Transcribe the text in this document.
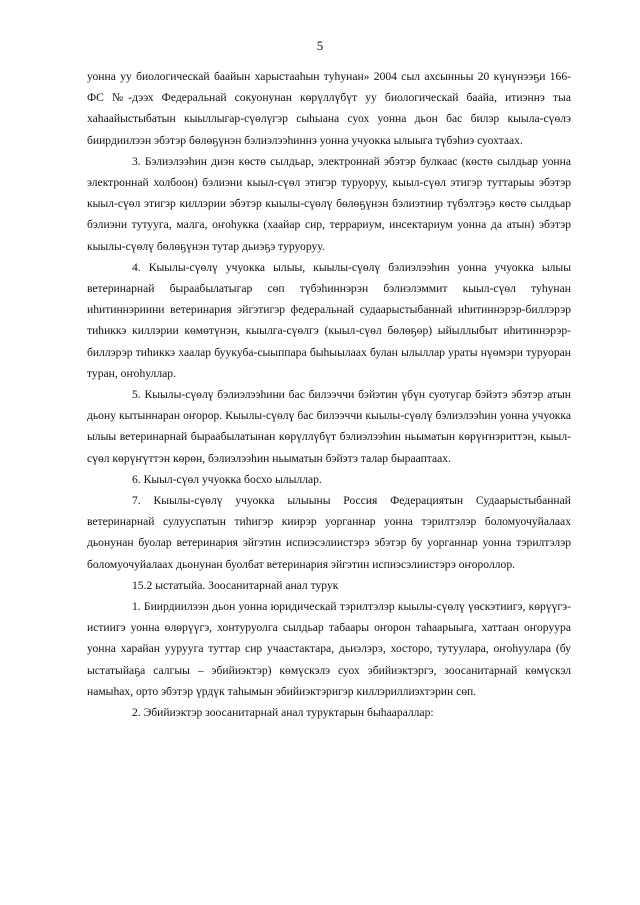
5

уонна уу биологическай баайын харыстааһын туһунан» 2004 сыл ахсынньы 20 күнүнээҕи 166-ФС №-дээх Федеральнай сокуонунан көрүллүбүт уу биологическай баайа, итиэннэ тыа хаһаайыстыбатын кыыллыгар-сүөлүгэр сыһыана суох уонна дьон бас билэр кыыла-сүөлэ биирдиилээн эбэтэр бөлөҕүнэн бэлиэлээһиннэ уонна учуокка ылыыга түбэһиэ суохтаах.

3. Бэлиэлээһин диэн көстө сылдьар, электроннай эбэтэр булкаас (көстө сылдьар уонна электроннай холбоон) бэлиэни кыыл-сүөл этигэр туруоруу, кыыл-сүөл этигэр туттарыы эбэтэр кыыл-сүөл этигэр киллэрии эбэтэр кыылы-сүөлү бөлөҕүнэн бэлиэтиир түбэлтэҕэ көстө сылдьар бэлиэни тутууга, малга, оҥоһукка (хаайар сир, террариум, инсектариум уонна да атын) эбэтэр кыылы-сүөлү бөлөҕүнэн тутар дьиэҕэ туруоруу.

4. Кыылы-сүөлү учуокка ылыы, кыылы-сүөлү бэлиэлээһин уонна учуокка ылыы ветеринарнай быраабылатыгар сөп түбэһиннэрэн бэлиэлэммит кыыл-сүөл туһунан иһитиннэриини ветеринария эйгэтигэр федеральнай судаарыстыбаннай иһитиннэрэр-биллэрэр тиһиккэ киллэрии көмөтүнэн, кыылга-сүөлгэ (кыыл-сүөл бөлөҕөр) ыйыллыбыт иһитиннэрэр-биллэрэр тиһиккэ хаалар буукуба-сыыппара быһыылаах булан ылыллар ураты нүөмэри туруоран туран, оҥоһуллар.

5. Кыылы-сүөлү бэлиэлээһини бас билээччи бэйэтин үбүн суотугар бэйэтэ эбэтэр атын дьону кытыннаран оҥорор. Кыылы-сүөлү бас билээччи кыылы-сүөлү бэлиэлээһин уонна учуокка ылыы ветеринарнай быраабылатынан көрүллүбүт бэлиэлээһин ньыматын көрүҥнэриттэн, кыыл-сүөл көрүҥүттэн көрөн, бэлиэлээһин ньыматын бэйэтэ талар бырааптаах.

6. Кыыл-сүөл учуокка босхо ылыллар.

7. Кыылы-сүөлү учуокка ылыыны Россия Федерациятын Судаарыстыбаннай ветеринарнай сулууспатын тиһигэр киирэр уорганнар уонна тэрилтэлэр боломуочуйалаах дьонунан буолар ветеринария эйгэтин испиэсэлиистэрэ эбэтэр бу уорганнар уонна тэрилтэлэр боломуочуйалаах дьонунан буолбат ветеринария эйгэтин испиэсэлиистэрэ оҥороллор.

15.2 ыстатыйа. Зоосанитарнай анал турук

1. Биирдиилээн дьон уонна юридическай тэрилтэлэр кыылы-сүөлү үөскэтиигэ, көрүүгэ-истиигэ уонна өлөрүүгэ, хонтуруолга сылдьар табаары оҥорон таһаарыыга, хаттаан оҥоруура уонна харайан уурууга туттар сир учаастактара, дьиэлэрэ, хосторо, тутуулара, оҥоһуулара (бу ыстатыйаҕа салгыы – эбийиэктэр) көмүскэлэ суох эбийиэктэргэ, зоосанитарнай көмүскэл намыһах, орто эбэтэр үрдүк таһымын эбийиэктэригэр киллэриллиэхтэрин сөп.

2. Эбийиэктэр зоосанитарнай анал туруктарын быһаараллар:
